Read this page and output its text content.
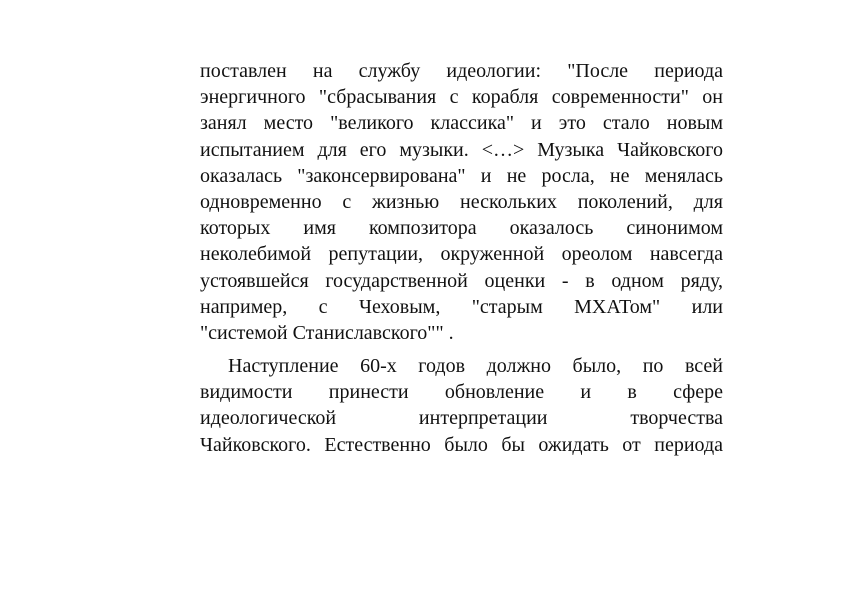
поставлен на службу идеологии: "После периода
энергичного "сбрасывания с корабля современности" он
занял место "великого классика" и это стало новым
испытанием для его музыки. <…> Музыка Чайковского
оказалась "законсервирована" и не росла, не менялась
одновременно с жизнью нескольких поколений, для
которых имя композитора оказалось синонимом
неколебимой репутации, окруженной ореолом навсегда
устоявшейся государственной оценки - в одном ряду,
например, с Чеховым, "старым МХАТом" или
"системой Станиславского"" .
Наступление 60-х годов должно было, по всей
видимости принести обновление и в сфере
идеологической интерпретации творчества
Чайковского. Естественно было бы ожидать от периода
